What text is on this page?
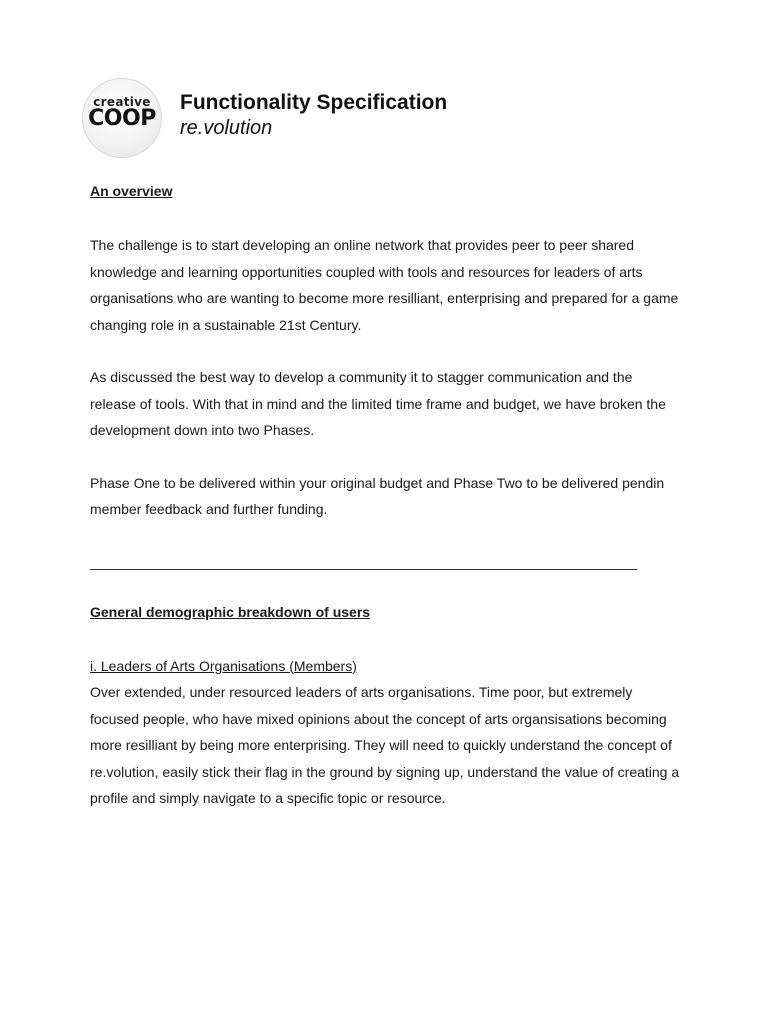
creative
COOP
Functionality Specification
re.volution

An overview

The challenge is to start developing an online network that provides peer to peer shared knowledge and learning opportunities coupled with tools and resources for leaders of arts organisations who are wanting to become more resilliant, enterprising and prepared for a game changing role in a sustainable 21st Century.

As discussed the best way to develop a community it to stagger communication and the release of tools. With that in mind and the limited time frame and budget, we have broken the development down into two Phases.

Phase One to be delivered within your original budget and Phase Two to be delivered pendin member feedback and further funding.

___________________________________________________________________________

General demographic breakdown of users

i. Leaders of Arts Organisations (Members)

Over extended, under resourced leaders of arts organisations. Time poor, but extremely focused people, who have mixed opinions about the concept of arts organsisations becoming more resilliant by being more enterprising. They will need to quickly understand the concept of re.volution, easily stick their flag in the ground by signing up, understand the value of creating a profile and simply navigate to a specific topic or resource.
